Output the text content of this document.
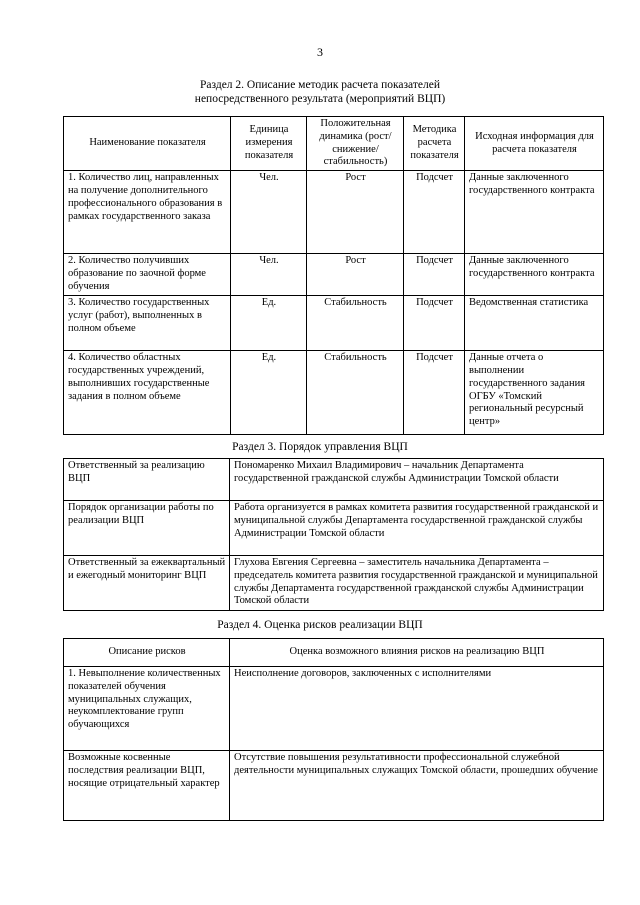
3
Раздел 2. Описание методик расчета показателей
непосредственного результата (мероприятий ВЦП)
Наименование показателя	Единица измерения показателя	Положительная динамика (рост/снижение/ стабильность)	Методика расчета показателя	Исходная информация для расчета показателя
1. Количество лиц, направленных на получение дополнительного профессионального образования в рамках государственного заказа	Чел.	Рост	Подсчет	Данные заключенного государственного контракта
2. Количество получивших образование по заочной форме обучения	Чел.	Рост	Подсчет	Данные заключенного государственного контракта
3. Количество государственных услуг (работ), выполненных в полном объеме	Ед.	Стабильность	Подсчет	Ведомственная статистика
4. Количество областных государственных учреждений, выполнивших государственные задания в полном объеме	Ед.	Стабильность	Подсчет	Данные отчета о выполнении государственного задания ОГБУ «Томский региональный ресурсный центр»
Раздел 3. Порядок управления ВЦП
Ответственный за реализацию ВЦП	Пономаренко Михаил Владимирович – начальник Департамента государственной гражданской службы Администрации Томской области
Порядок организации работы по реализации ВЦП	Работа организуется в рамках комитета развития государственной гражданской и муниципальной службы Департамента государственной гражданской службы Администрации Томской области
Ответственный за ежеквартальный и ежегодный мониторинг ВЦП	Глухова Евгения Сергеевна – заместитель начальника Департамента – председатель комитета развития государственной гражданской и муниципальной службы Департамента государственной гражданской службы Администрации Томской области
Раздел 4. Оценка рисков реализации ВЦП
Описание рисков	Оценка возможного влияния рисков на реализацию ВЦП
1. Невыполнение количественных показателей обучения муниципальных служащих, неукомплектование групп обучающихся	Неисполнение договоров, заключенных с исполнителями
Возможные косвенные последствия реализации ВЦП, носящие отрицательный характер	Отсутствие повышения результативности профессиональной служебной деятельности муниципальных служащих Томской области, прошедших обучение
